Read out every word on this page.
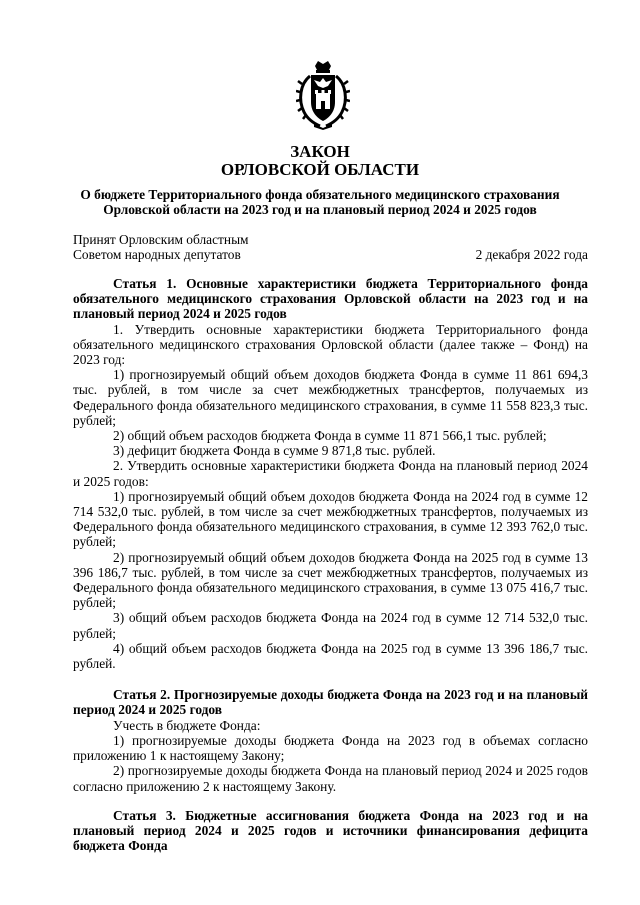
ЗАКОН
ОРЛОВСКОЙ ОБЛАСТИ
О бюджете Территориального фонда обязательного медицинского страхования Орловской области на 2023 год и на плановый период 2024 и 2025 годов
Принят Орловским областным
Советом народных депутатов	2 декабря 2022 года

Статья 1. Основные характеристики бюджета Территориального фонда обязательного медицинского страхования Орловской области на 2023 год и на плановый период 2024 и 2025 годов

1. Утвердить основные характеристики бюджета Территориального фонда обязательного медицинского страхования Орловской области (далее также – Фонд) на 2023 год:

1) прогнозируемый общий объем доходов бюджета Фонда в сумме 11 861 694,3 тыс. рублей, в том числе за счет межбюджетных трансфертов, получаемых из Федерального фонда обязательного медицинского страхования, в сумме 11 558 823,3 тыс. рублей;

2) общий объем расходов бюджета Фонда в сумме 11 871 566,1 тыс. рублей;

3) дефицит бюджета Фонда в сумме 9 871,8 тыс. рублей.

2. Утвердить основные характеристики бюджета Фонда на плановый период 2024 и 2025 годов:

1) прогнозируемый общий объем доходов бюджета Фонда на 2024 год в сумме 12 714 532,0 тыс. рублей, в том числе за счет межбюджетных трансфертов, получаемых из Федерального фонда обязательного медицинского страхования, в сумме 12 393 762,0 тыс. рублей;

2) прогнозируемый общий объем доходов бюджета Фонда на 2025 год в сумме 13 396 186,7 тыс. рублей, в том числе за счет межбюджетных трансфертов, получаемых из Федерального фонда обязательного медицинского страхования, в сумме 13 075 416,7 тыс. рублей;

3) общий объем расходов бюджета Фонда на 2024 год в сумме 12 714 532,0 тыс. рублей;

4) общий объем расходов бюджета Фонда на 2025 год в сумме 13 396 186,7 тыс. рублей.

Статья 2. Прогнозируемые доходы бюджета Фонда на 2023 год и на плановый период 2024 и 2025 годов

Учесть в бюджете Фонда:

1) прогнозируемые доходы бюджета Фонда на 2023 год в объемах согласно приложению 1 к настоящему Закону;

2) прогнозируемые доходы бюджета Фонда на плановый период 2024 и 2025 годов согласно приложению 2 к настоящему Закону.

Статья 3. Бюджетные ассигнования бюджета Фонда на 2023 год и на плановый период 2024 и 2025 годов и источники финансирования дефицита бюджета Фонда
